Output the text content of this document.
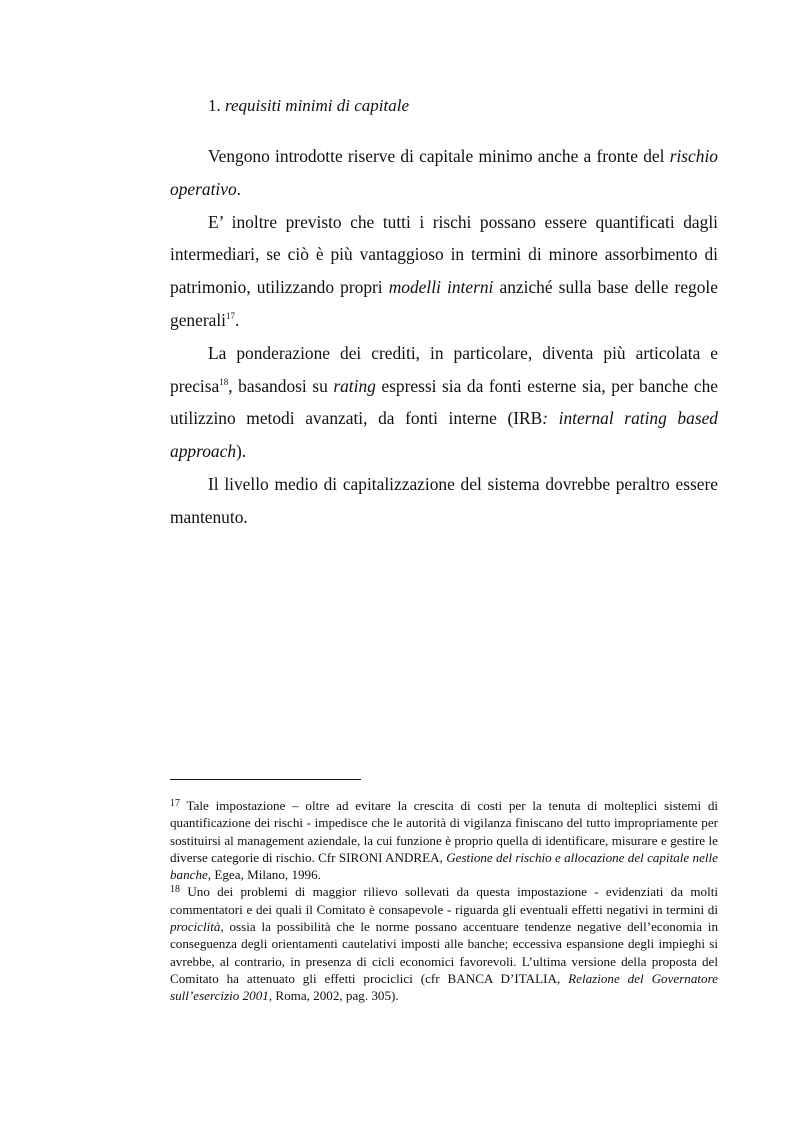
1. requisiti minimi di capitale

Vengono introdotte riserve di capitale minimo anche a fronte del rischio operativo.

E’ inoltre previsto che tutti i rischi possano essere quantificati dagli intermediari, se ciò è più vantaggioso in termini di minore assorbimento di patrimonio, utilizzando propri modelli interni anziché sulla base delle regole generali$^{17}$.

La ponderazione dei crediti, in particolare, diventa più articolata e precisa$^{18}$, basandosi su rating espressi sia da fonti esterne sia, per banche che utilizzino metodi avanzati, da fonti interne (IRB: internal rating based approach).

Il livello medio di capitalizzazione del sistema dovrebbe peraltro essere mantenuto.

$^{17}$ Tale impostazione – oltre ad evitare la crescita di costi per la tenuta di molteplici sistemi di quantificazione dei rischi - impedisce che le autorità di vigilanza finiscano del tutto impropriamente per sostituirsi al management aziendale, la cui funzione è proprio quella di identificare, misurare e gestire le diverse categorie di rischio. Cfr SIRONI ANDREA, Gestione del rischio e allocazione del capitale nelle banche, Egea, Milano, 1996.

$^{18}$ Uno dei problemi di maggior rilievo sollevati da questa impostazione - evidenziati da molti commentatori e dei quali il Comitato è consapevole - riguarda gli eventuali effetti negativi in termini di prociclità, ossia la possibilità che le norme possano accentuare tendenze negative dell’economia in conseguenza degli orientamenti cautelativi imposti alle banche; eccessiva espansione degli impieghi si avrebbe, al contrario, in presenza di cicli economici favorevoli. L’ultima versione della proposta del Comitato ha attenuato gli effetti prociclici (cfr BANCA D’ITALIA, Relazione del Governatore sull’esercizio 2001, Roma, 2002, pag. 305).
